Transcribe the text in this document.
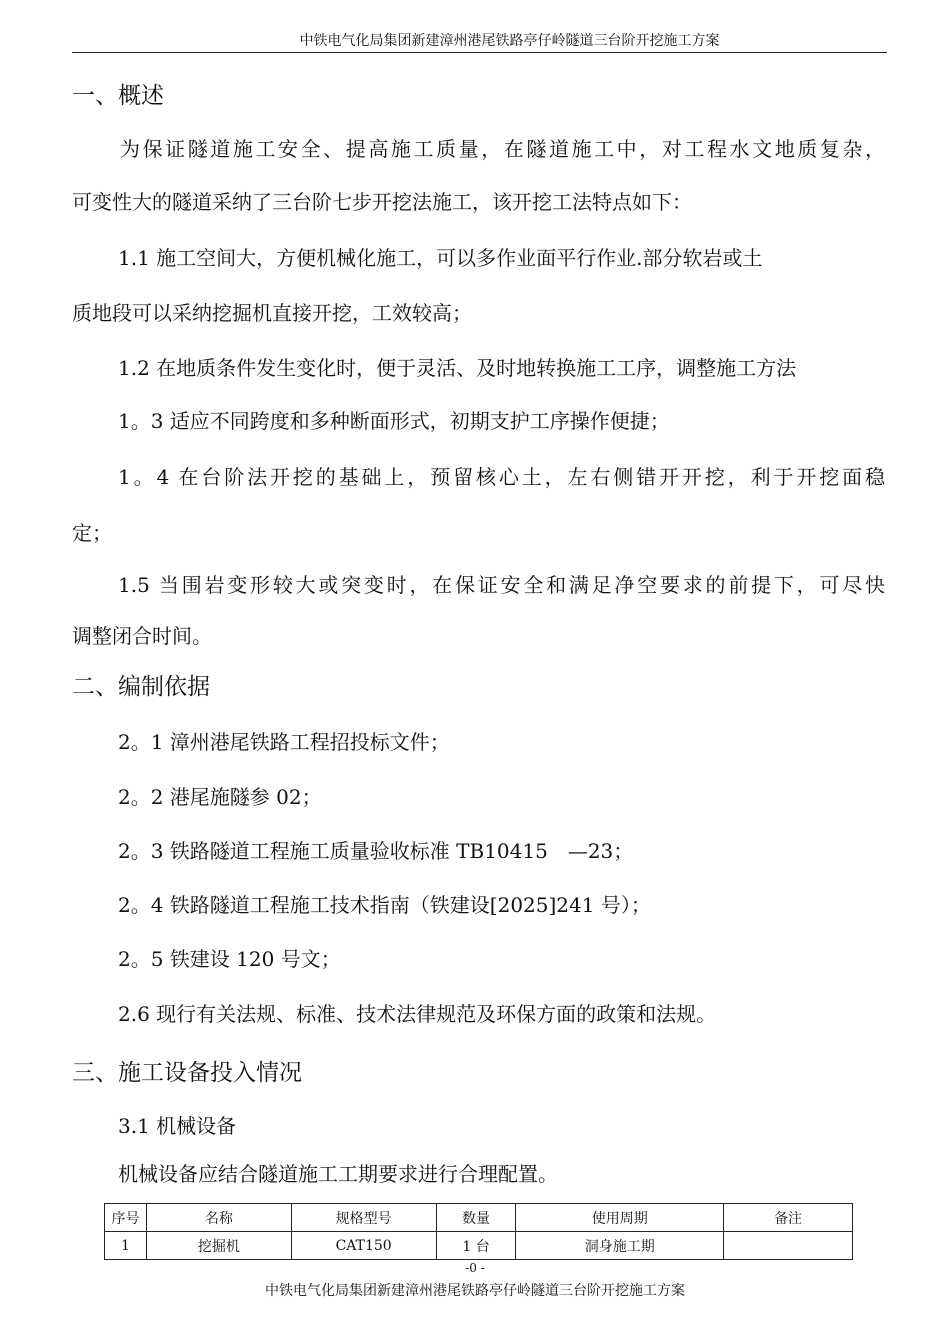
中铁电气化局集团新建漳州港尾铁路亭仔岭隧道三台阶开挖施工方案
一、概述
为保证隧道施工安全、提高施工质量，在隧道施工中，对工程水文地质复杂，
可变性大的隧道采纳了三台阶七步开挖法施工，该开挖工法特点如下：
1.1 施工空间大，方便机械化施工，可以多作业面平行作业.部分软岩或土
质地段可以采纳挖掘机直接开挖，工效较高；
1.2 在地质条件发生变化时，便于灵活、及时地转换施工工序，调整施工方法
1。3 适应不同跨度和多种断面形式，初期支护工序操作便捷；
1。4 在台阶法开挖的基础上，预留核心土，左右侧错开开挖，利于开挖面稳
定；
1.5 当围岩变形较大或突变时，在保证安全和满足净空要求的前提下，可尽快
调整闭合时间。
二、编制依据
2。1 漳州港尾铁路工程招投标文件；
2。2 港尾施隧参 02；
2。3 铁路隧道工程施工质量验收标准 TB10415　—23；
2。4 铁路隧道工程施工技术指南（铁建设[2025]241 号）；
2。5 铁建设 120 号文；
2.6 现行有关法规、标准、技术法律规范及环保方面的政策和法规。
三、施工设备投入情况
3.1 机械设备
机械设备应结合隧道施工工期要求进行合理配置。
序号	名称	规格型号	数量	使用周期	备注
1	挖掘机	CAT150	1 台	洞身施工期	
-0 -
中铁电气化局集团新建漳州港尾铁路亭仔岭隧道三台阶开挖施工方案
